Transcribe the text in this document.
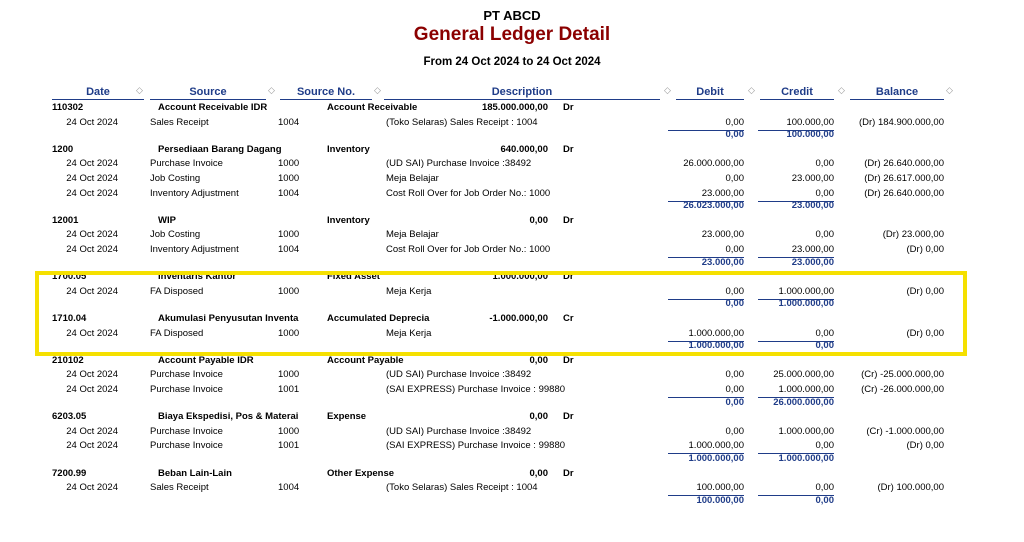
PT ABCD
General Ledger Detail
From 24 Oct 2024 to 24 Oct 2024
Date	◇	Source	◇	Source No.	◇	Description	◇	Debit	◇	Credit	◇	Balance	◇
110302	Account Receivable IDR	Account Receivable	185.000.000,00 Dr
24 Oct 2024	Sales Receipt	1004	(Toko Selaras) Sales Receipt : 1004	0,00	100.000,00	(Dr) 184.900.000,00
0,00	100.000,00
1200	Persediaan Barang Dagang	Inventory	640.000,00 Dr
24 Oct 2024	Purchase Invoice	1000	(UD SAI) Purchase Invoice :38492	26.000.000,00	0,00	(Dr) 26.640.000,00
24 Oct 2024	Job Costing	1000	Meja Belajar	0,00	23.000,00	(Dr) 26.617.000,00
24 Oct 2024	Inventory Adjustment	1004	Cost Roll Over for Job Order No.: 1000	23.000,00	0,00	(Dr) 26.640.000,00
26.023.000,00	23.000,00
12001	WIP	Inventory	0,00 Dr
24 Oct 2024	Job Costing	1000	Meja Belajar	23.000,00	0,00	(Dr) 23.000,00
24 Oct 2024	Inventory Adjustment	1004	Cost Roll Over for Job Order No.: 1000	0,00	23.000,00	(Dr) 0,00
23.000,00	23.000,00
1700.05	Inventaris Kantor	Fixed Asset	1.000.000,00 Dr
24 Oct 2024	FA Disposed	1000	Meja Kerja	0,00	1.000.000,00	(Dr) 0,00
0,00	1.000.000,00
1710.04	Akumulasi Penyusutan Inventa	Accumulated Deprecia	-1.000.000,00 Cr
24 Oct 2024	FA Disposed	1000	Meja Kerja	1.000.000,00	0,00	(Dr) 0,00
1.000.000,00	0,00
210102	Account Payable IDR	Account Payable	0,00 Dr
24 Oct 2024	Purchase Invoice	1000	(UD SAI) Purchase Invoice :38492	0,00	25.000.000,00	(Cr) -25.000.000,00
24 Oct 2024	Purchase Invoice	1001	(SAI EXPRESS) Purchase Invoice : 99880	0,00	1.000.000,00	(Cr) -26.000.000,00
0,00	26.000.000,00
6203.05	Biaya Ekspedisi, Pos & Materai	Expense	0,00 Dr
24 Oct 2024	Purchase Invoice	1000	(UD SAI) Purchase Invoice :38492	0,00	1.000.000,00	(Cr) -1.000.000,00
24 Oct 2024	Purchase Invoice	1001	(SAI EXPRESS) Purchase Invoice : 99880	1.000.000,00	0,00	(Dr) 0,00
1.000.000,00	1.000.000,00
7200.99	Beban Lain-Lain	Other Expense	0,00 Dr
24 Oct 2024	Sales Receipt	1004	(Toko Selaras) Sales Receipt : 1004	100.000,00	0,00	(Dr) 100.000,00
100.000,00	0,00
